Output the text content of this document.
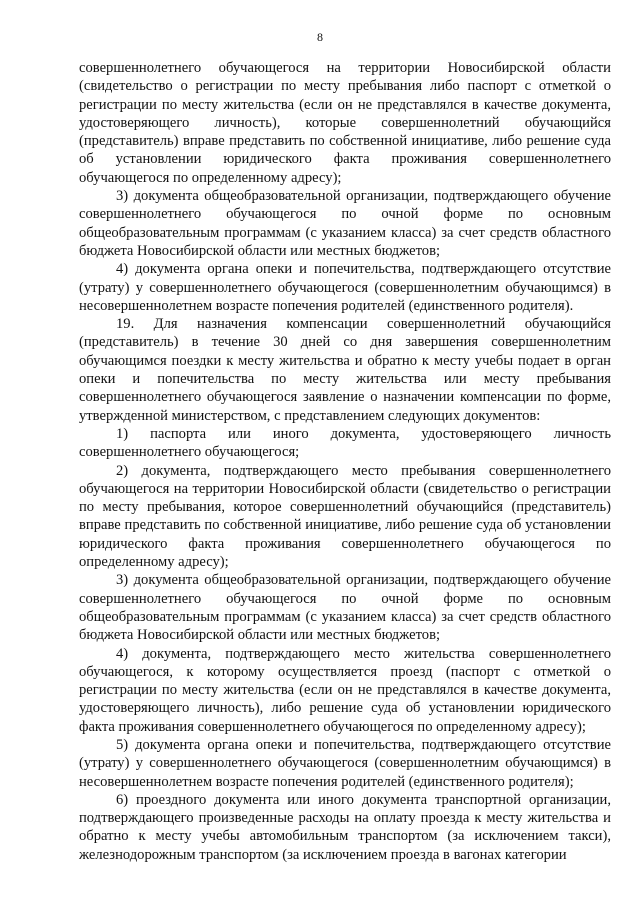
8

совершеннолетнего обучающегося на территории Новосибирской области (свидетельство о регистрации по месту пребывания либо паспорт с отметкой о регистрации по месту жительства (если он не представлялся в качестве документа, удостоверяющего личность), которые совершеннолетний обучающийся (представитель) вправе представить по собственной инициативе, либо решение суда об установлении юридического факта проживания совершеннолетнего обучающегося по определенному адресу);

3) документа общеобразовательной организации, подтверждающего обучение совершеннолетнего обучающегося по очной форме по основным общеобразовательным программам (с указанием класса) за счет средств областного бюджета Новосибирской области или местных бюджетов;

4) документа органа опеки и попечительства, подтверждающего отсутствие (утрату) у совершеннолетнего обучающегося (совершеннолетним обучающимся) в несовершеннолетнем возрасте попечения родителей (единственного родителя).

19. Для назначения компенсации совершеннолетний обучающийся (представитель) в течение 30 дней со дня завершения совершеннолетним обучающимся поездки к месту жительства и обратно к месту учебы подает в орган опеки и попечительства по месту жительства или месту пребывания совершеннолетнего обучающегося заявление о назначении компенсации по форме, утвержденной министерством, с представлением следующих документов:

1) паспорта или иного документа, удостоверяющего личность совершеннолетнего обучающегося;

2) документа, подтверждающего место пребывания совершеннолетнего обучающегося на территории Новосибирской области (свидетельство о регистрации по месту пребывания, которое совершеннолетний обучающийся (представитель) вправе представить по собственной инициативе, либо решение суда об установлении юридического факта проживания совершеннолетнего обучающегося по определенному адресу);

3) документа общеобразовательной организации, подтверждающего обучение совершеннолетнего обучающегося по очной форме по основным общеобразовательным программам (с указанием класса) за счет средств областного бюджета Новосибирской области или местных бюджетов;

4) документа, подтверждающего место жительства совершеннолетнего обучающегося, к которому осуществляется проезд (паспорт с отметкой о регистрации по месту жительства (если он не представлялся в качестве документа, удостоверяющего личность), либо решение суда об установлении юридического факта проживания совершеннолетнего обучающегося по определенному адресу);

5) документа органа опеки и попечительства, подтверждающего отсутствие (утрату) у совершеннолетнего обучающегося (совершеннолетним обучающимся) в несовершеннолетнем возрасте попечения родителей (единственного родителя);

6) проездного документа или иного документа транспортной организации, подтверждающего произведенные расходы на оплату проезда к месту жительства и обратно к месту учебы автомобильным транспортом (за исключением такси), железнодорожным транспортом (за исключением проезда в вагонах категории
